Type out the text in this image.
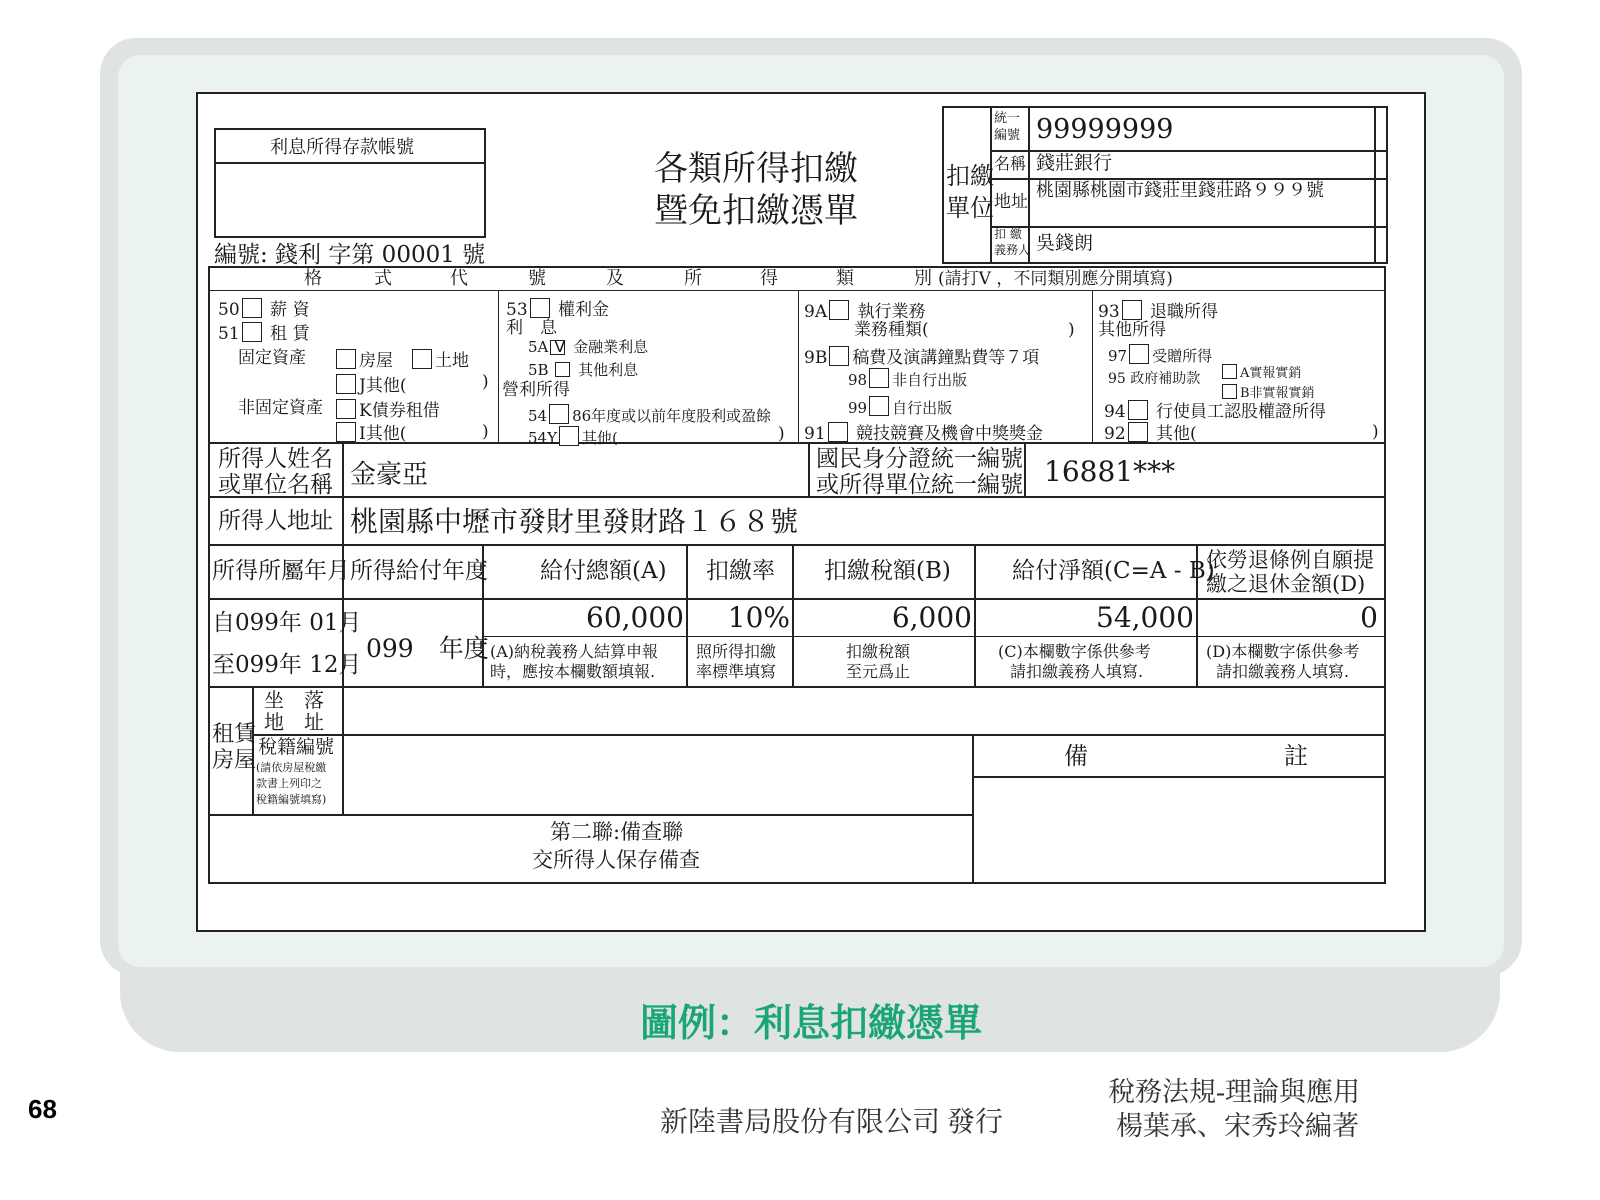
利息所得存款帳號
編號: 錢利 字第 00001 號
各類所得扣繳
暨免扣繳憑單
扣繳
單位
統一
編號 99999999
名稱 錢莊銀行
地址
桃園縣桃園市錢莊里錢莊路９９９號
扣 繳
義務人 吳錢朗
格	式	代	號	及	所	得	類	別 (請打V ，不同類別應分開填寫)
50 薪 資
51 租 賃
固定資產	房屋　 土地
J其他(	)
非固定資產	K債券租借
I其他(	)
53 權利金
利　息
5AV 金融業利息
5B 其他利息
營利所得
54 86年度或以前年度股利或盈餘
54Y 其他(	)
9A 執行業務
業務種類(	)
9B 稿費及演講鐘點費等７項
98 非自行出版
99 自行出版
91 競技競賽及機會中獎獎金
93 退職所得
其他所得
97 受贈所得
95 政府補助款	A實報實銷
B非實報實銷
94 行使員工認股權證所得
92 其他(	)
所得人姓名
或單位名稱 金豪亞
國民身分證統一編號
或所得單位統一編號 16881***
所得人地址 桃園縣中壢市發財里發財路１６８號
所得所屬年月 所得給付年度 給付總額(A) 扣繳率 扣繳稅額(B)	給付淨額(C=A - B)
依勞退條例自願提
繳之退休金額(D)
自099年 01月
至099年 12月
099　年度
60,000	10%	6,000	54,000	0
(A)納稅義務人結算申報
時，應按本欄數額填報.
照所得扣繳
率標準填寫
扣繳稅額
至元爲止
(C)本欄數字係供參考
請扣繳義務人填寫.
(D)本欄數字係供參考
請扣繳義務人填寫.
租賃
房屋
坐　落
地　址
稅籍編號
(請依房屋稅繳
款書上列印之
稅籍編號填寫)
備	註
第二聯:備查聯
交所得人保存備查
圖例：利息扣繳憑單
68	新陸書局股份有限公司 發行
稅務法規-理論與應用
楊葉承、宋秀玲編著
